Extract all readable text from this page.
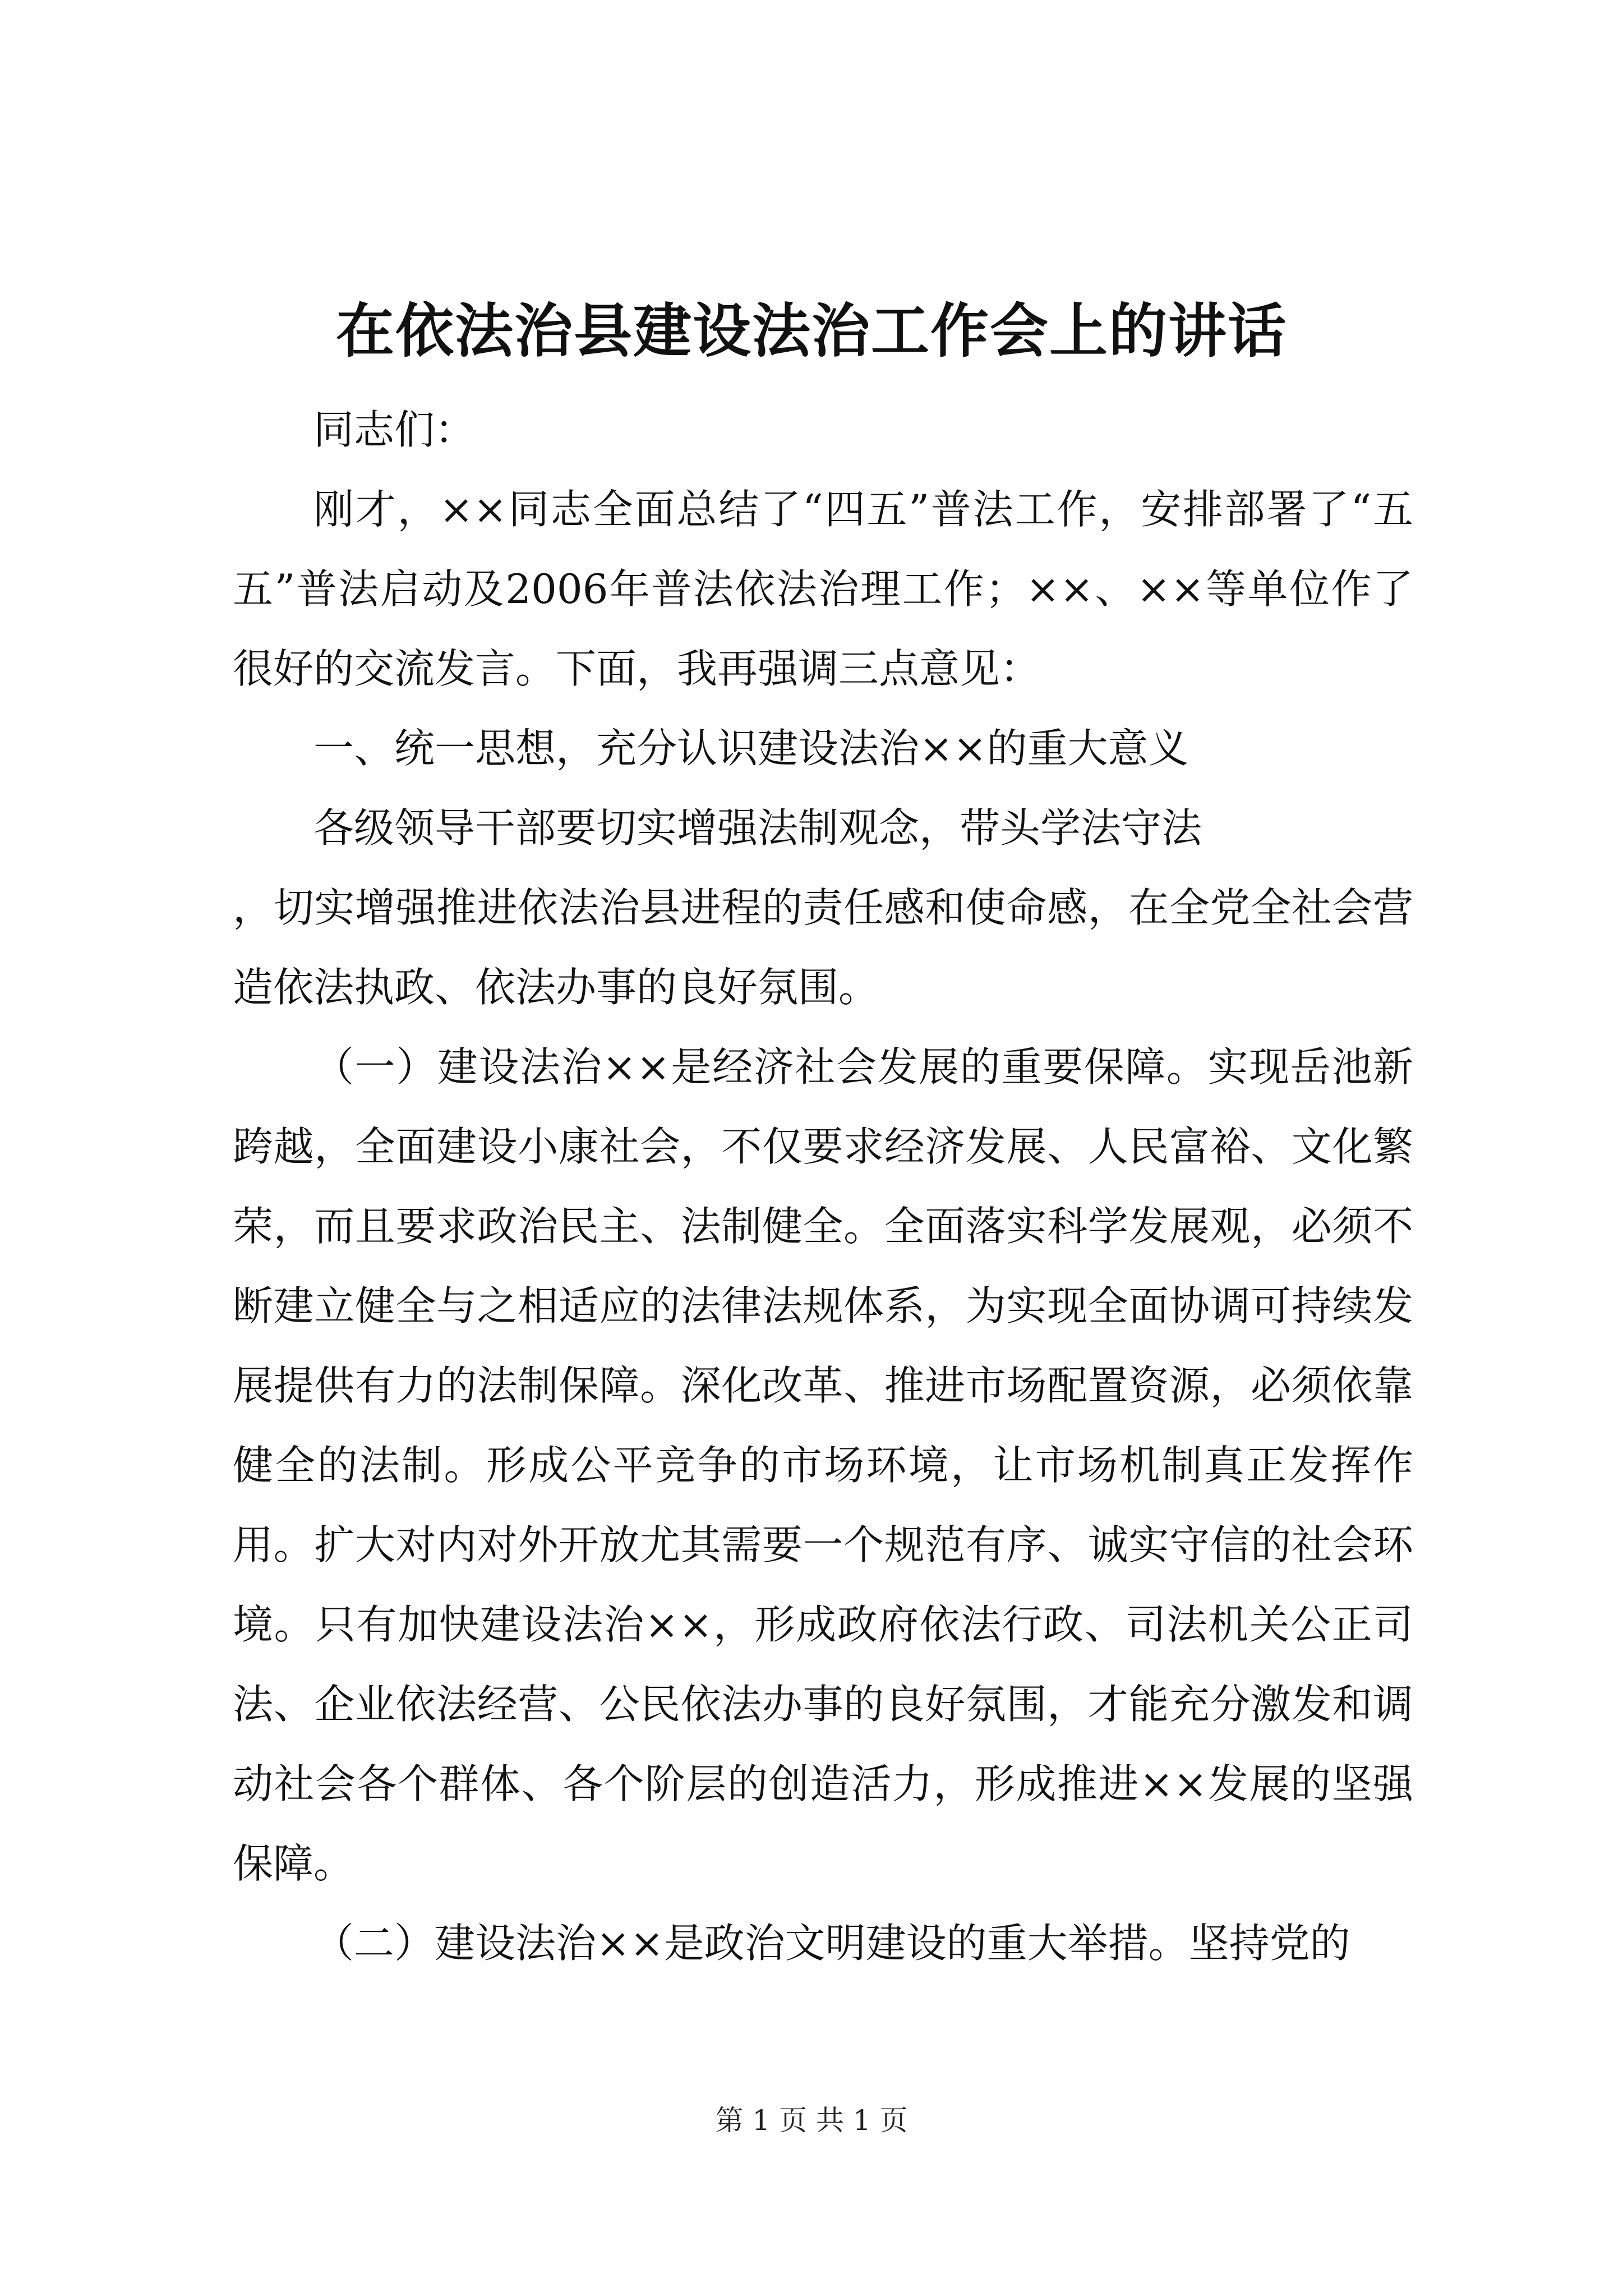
在依法治县建设法治工作会上的讲话

同志们：

刚才，××同志全面总结了“四五”普法工作，安排部署了“五五”普法启动及2006年普法依法治理工作；××、××等单位作了很好的交流发言。下面，我再强调三点意见：

一、统一思想，充分认识建设法治××的重大意义

各级领导干部要切实增强法制观念，带头学法守法

，切实增强推进依法治县进程的责任感和使命感，在全党全社会营造依法执政、依法办事的良好氛围。

（一）建设法治××是经济社会发展的重要保障。实现岳池新跨越，全面建设小康社会，不仅要求经济发展、人民富裕、文化繁荣，而且要求政治民主、法制健全。全面落实科学发展观，必须不断建立健全与之相适应的法律法规体系，为实现全面协调可持续发展提供有力的法制保障。深化改革、推进市场配置资源，必须依靠健全的法制。形成公平竞争的市场环境，让市场机制真正发挥作用。扩大对内对外开放尤其需要一个规范有序、诚实守信的社会环境。只有加快建设法治××，形成政府依法行政、司法机关公正司法、企业依法经营、公民依法办事的良好氛围，才能充分激发和调动社会各个群体、各个阶层的创造活力，形成推进××发展的坚强保障。

（二）建设法治××是政治文明建设的重大举措。坚持党的

第 1 页 共 1 页
